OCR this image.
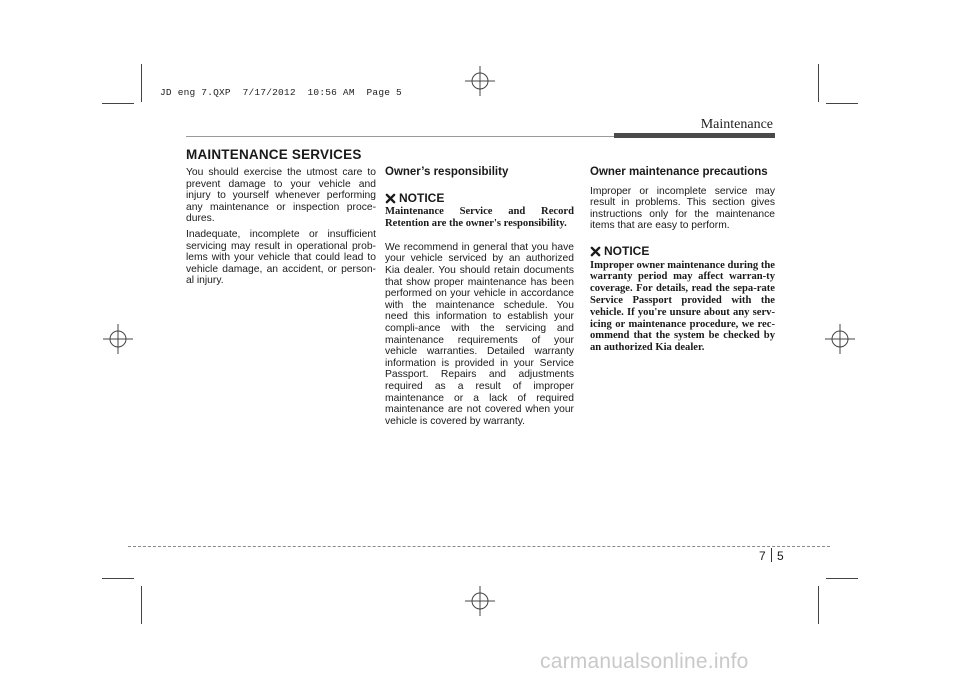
JD eng 7.QXP  7/17/2012  10:56 AM  Page 5
Maintenance
MAINTENANCE SERVICES

You should exercise the utmost care to prevent damage to your vehicle and injury to yourself whenever performing any maintenance or inspection proce-dures.

Inadequate, incomplete or insufficient servicing may result in operational prob-lems with your vehicle that could lead to vehicle damage, an accident, or person-al injury.

Owner’s responsibility
NOTICE
Maintenance Service and Record Retention are the owner's responsibility.

We recommend in general that you have your vehicle serviced by an authorized Kia dealer. You should retain documents that show proper maintenance has been performed on your vehicle in accordance with the maintenance schedule. You need this information to establish your compli-ance with the servicing and maintenance requirements of your vehicle warranties. Detailed warranty information is provided in your Service Passport. Repairs and adjustments required as a result of improper maintenance or a lack of required maintenance are not covered when your vehicle is covered by warranty.

Owner maintenance precautions

Improper or incomplete service may result in problems. This section gives instructions only for the maintenance items that are easy to perform.

NOTICE
Improper owner maintenance during the warranty period may affect warran-ty coverage. For details, read the sepa-rate Service Passport provided with the vehicle. If you're unsure about any serv-icing or maintenance procedure, we rec-ommend that the system be checked by an authorized Kia dealer.
7 5
carmanualsonline.info
